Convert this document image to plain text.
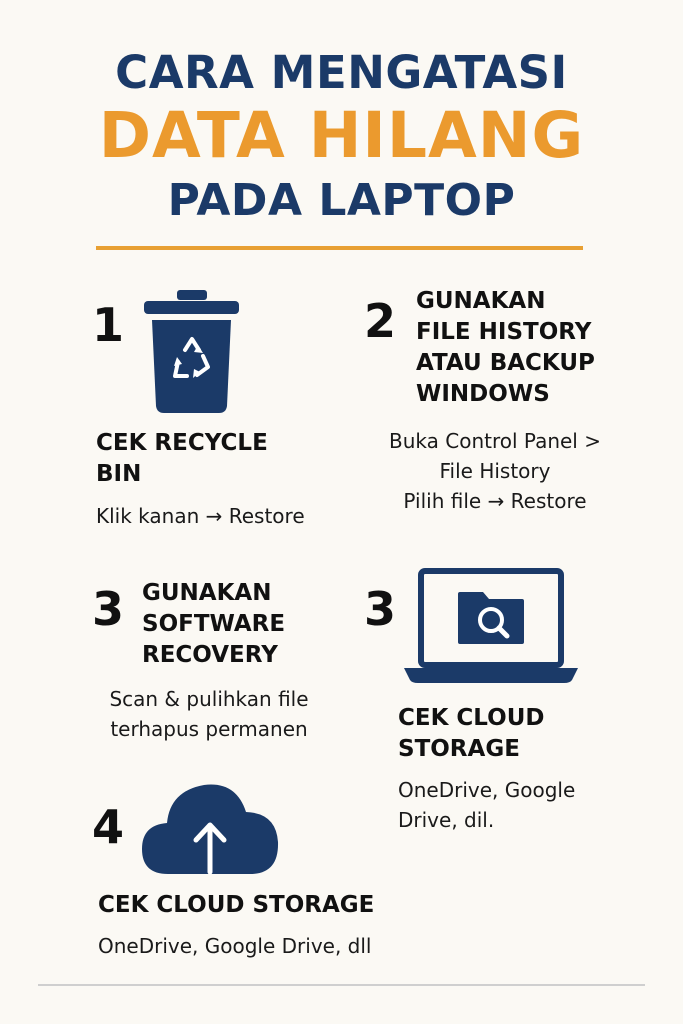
CARA MENGATASI
DATA HILANG
PADA LAPTOP
1
CEK RECYCLE
BIN
Klik kanan → Restore
2 GUNAKAN
FILE HISTORY
ATAU BACKUP
WINDOWS
Buka Control Panel >
File History
Pilih file → Restore
3 GUNAKAN
SOFTWARE
RECOVERY
Scan & pulihkan file
terhapus permanen
3
CEK CLOUD
STORAGE
OneDrive, Google
Drive, dil.
4
CEK CLOUD STORAGE
OneDrive, Google Drive, dll
